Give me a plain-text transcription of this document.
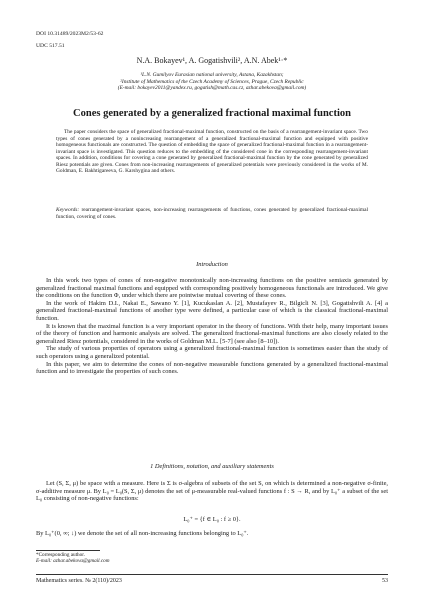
DOI 10.31489/2023M2/53-62
UDC 517.51
N.A. Bokayev¹, A. Gogatishvili², A.N. Abek¹·*
¹L.N. Gumilyov Eurasian national university, Astana, Kazakhstan;
²Institute of Mathematics of the Czech Academy of Sciences, Prague, Czech Republic
(E-mail: bokayev2011@yandex.ru, gogatish@math.cas.cz, azhar.abekova@gmail.com)
Cones generated by a generalized fractional maximal function

The paper considers the space of generalized fractional-maximal function, constructed on the basis of a rearrangement-invariant space. Two types of cones generated by a nonincreasing rearrangement of a generalized fractional-maximal function and equipped with positive homogeneous functionals are constructed. The question of embedding the space of generalized fractional-maximal function in a rearrangement-invariant space is investigated. This question reduces to the embedding of the considered cone in the corresponding rearrangement-invariant spaces. In addition, conditions for covering a cone generated by generalized fractional-maximal function by the cone generated by generalized Riesz potentials are given. Cones from non-increasing rearrangements of generalized potentials were previously considered in the works of M. Goldman, E. Bakhtigareeva, G. Karshygina and others.

Keywords: rearrangement-invariant spaces, non-increasing rearrangements of functions, cones generated by generalized fractional-maximal function, covering of cones.
Introduction

In this work two types of cones of non-negative monotonically non-increasing functions on the positive semiaxis generated by generalized fractional maximal functions and equipped with corresponding positively homogeneous functionals are introduced. We give the conditions on the function Φ, under which there are pointwise mutual covering of these cones.

In the work of Hakim D.I., Nakai E., Sawano Y. [1], Kucukaslan A. [2], Mustafayev R., Bilgicli N. [3], Gogatishvili A. [4] a generalized fractional-maximal functions of another type were defined, a particular case of which is the classical fractional-maximal function.

It is known that the maximal function is a very important operator in the theory of functions. With their help, many important issues of the theory of function and harmonic analysis are solved. The generalized fractional-maximal functions are also closely related to the generalized Riesz potentials, considered in the works of Goldman M.L. [5-7] (see also [8–10]).

The study of various properties of operators using a generalized fractional-maximal function is sometimes easier than the study of such operators using a generalized potential.

In this paper, we aim to determine the cones of non-negative measurable functions generated by a generalized fractional-maximal function and to investigate the properties of such cones.

1 Definitions, notation, and auxiliary statements

Let (S, Σ, μ) be space with a measure. Here is Σ is σ-algebra of subsets of the set S, on which is determined a non-negative σ-finite, σ-additive measure μ. By L₀ = L₀(S, Σ, μ) denotes the set of μ-measurable real-valued functions f : S → R, and by L₀⁺ a subset of the set L₀ consisting of non-negative functions:

L₀⁺ = {f ∈ L₀ : f ≥ 0}.

By L₀⁺(0, ∞; ↓) we denote the set of all non-increasing functions belonging to L₀⁺.

*Corresponding author.
E-mail: azhar.abekova@gmail.com
Mathematics series. № 2(110)/2023	53
